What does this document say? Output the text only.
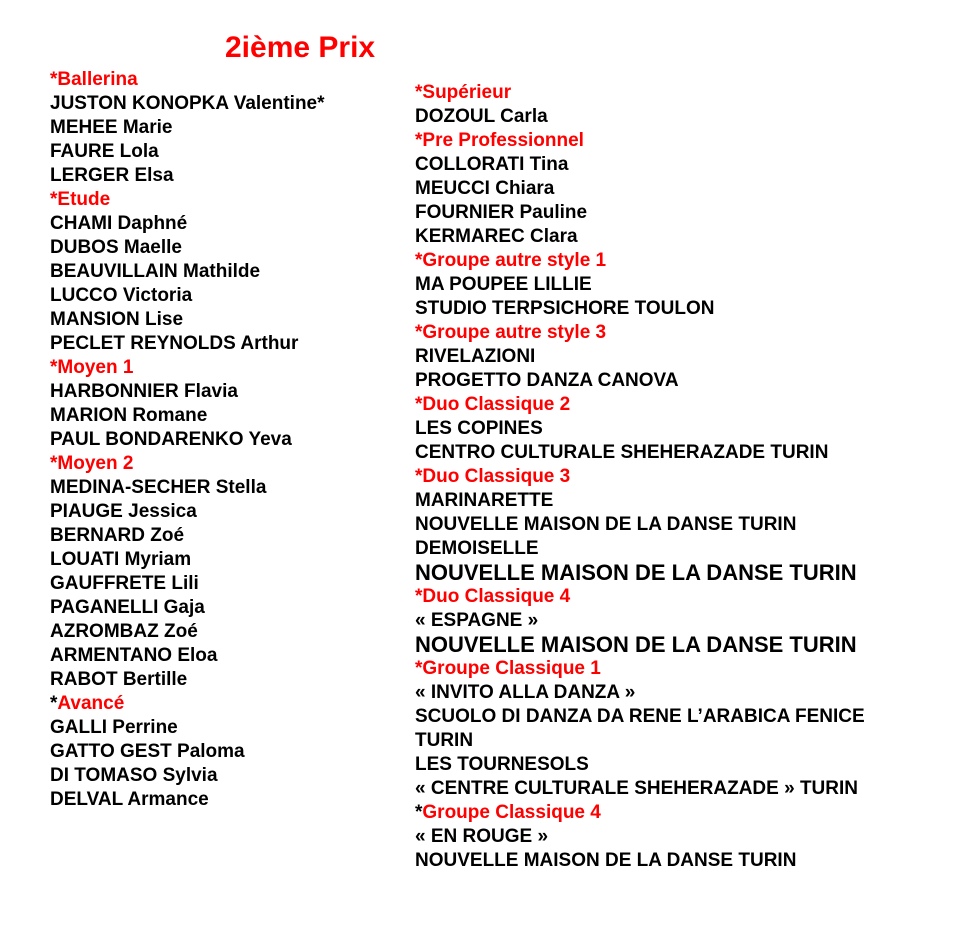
2ième Prix
*Ballerina
JUSTON KONOPKA Valentine*
MEHEE Marie
FAURE Lola
LERGER Elsa
*Etude
CHAMI Daphné
DUBOS Maelle
BEAUVILLAIN Mathilde
LUCCO Victoria
MANSION Lise
PECLET REYNOLDS Arthur
*Moyen 1
HARBONNIER Flavia
MARION Romane
PAUL BONDARENKO Yeva
*Moyen 2
MEDINA-SECHER Stella
PIAUGE Jessica
BERNARD Zoé
LOUATI Myriam
GAUFFRETE Lili
PAGANELLI Gaja
AZROMBAZ Zoé
ARMENTANO Eloa
RABOT Bertille
*Avancé
GALLI Perrine
GATTO GEST Paloma
DI TOMASO Sylvia
DELVAL Armance
*Supérieur
DOZOUL Carla
*Pre Professionnel
COLLORATI Tina
MEUCCI Chiara
FOURNIER Pauline
KERMAREC Clara
*Groupe autre style 1
MA POUPEE LILLIE
STUDIO TERPSICHORE TOULON
*Groupe autre style 3
RIVELAZIONI
PROGETTO DANZA CANOVA
*Duo Classique 2
LES COPINES
CENTRO CULTURALE SHEHERAZADE TURIN
*Duo Classique 3
MARINARETTE
NOUVELLE MAISON DE LA DANSE TURIN
DEMOISELLE
NOUVELLE MAISON DE LA DANSE TURIN
*Duo Classique 4
« ESPAGNE »
NOUVELLE MAISON DE LA DANSE TURIN
*Groupe Classique 1
« INVITO ALLA DANZA »
SCUOLO DI DANZA DA RENE L’ARABICA FENICE
TURIN
LES TOURNESOLS
« CENTRE CULTURALE SHEHERAZADE » TURIN
*Groupe Classique 4
« EN ROUGE »
NOUVELLE MAISON DE LA DANSE TURIN
